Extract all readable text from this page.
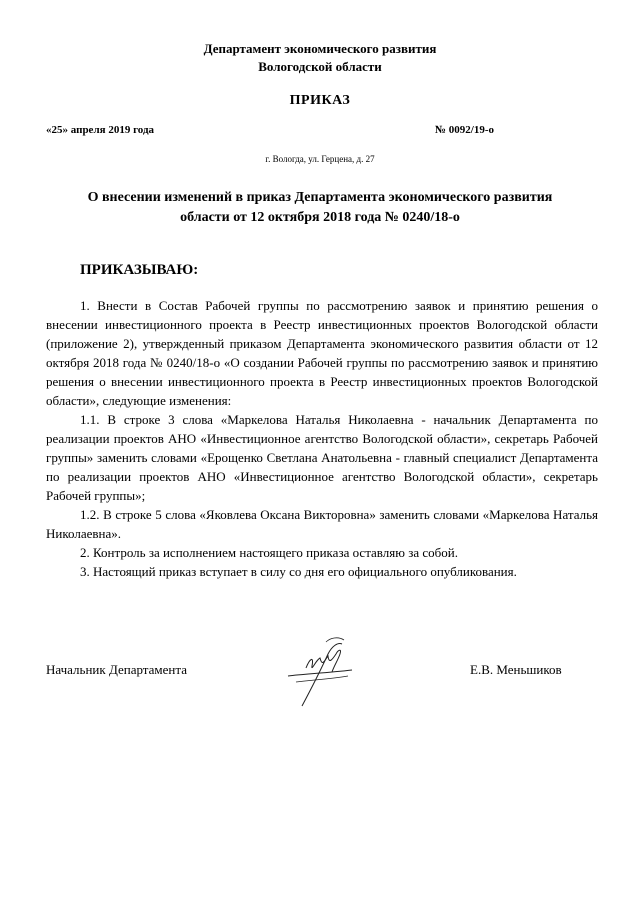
Департамент экономического развития
Вологодской области
ПРИКАЗ
«25» апреля 2019 года	№ 0092/19-о
г. Вологда, ул. Герцена, д. 27
О внесении изменений в приказ Департамента экономического развития
области от 12 октября 2018 года № 0240/18-о
ПРИКАЗЫВАЮ:

1. Внести в Состав Рабочей группы по рассмотрению заявок и принятию решения о внесении инвестиционного проекта в Реестр инвестиционных проектов Вологодской области (приложение 2), утвержденный приказом Департамента экономического развития области от 12 октября 2018 года № 0240/18-о «О создании Рабочей группы по рассмотрению заявок и принятию решения о внесении инвестиционного проекта в Реестр инвестиционных проектов Вологодской области», следующие изменения:

1.1. В строке 3 слова «Маркелова Наталья Николаевна - начальник Департамента по реализации проектов АНО «Инвестиционное агентство Вологодской области», секретарь Рабочей группы» заменить словами «Ерощенко Светлана Анатольевна - главный специалист Департамента по реализации проектов АНО «Инвестиционное агентство Вологодской области», секретарь Рабочей группы»;

1.2. В строке 5 слова «Яковлева Оксана Викторовна» заменить словами «Маркелова Наталья Николаевна».

2. Контроль за исполнением настоящего приказа оставляю за собой.

3. Настоящий приказ вступает в силу со дня его официального опубликования.

Начальник Департамента	Е.В. Меньшиков
